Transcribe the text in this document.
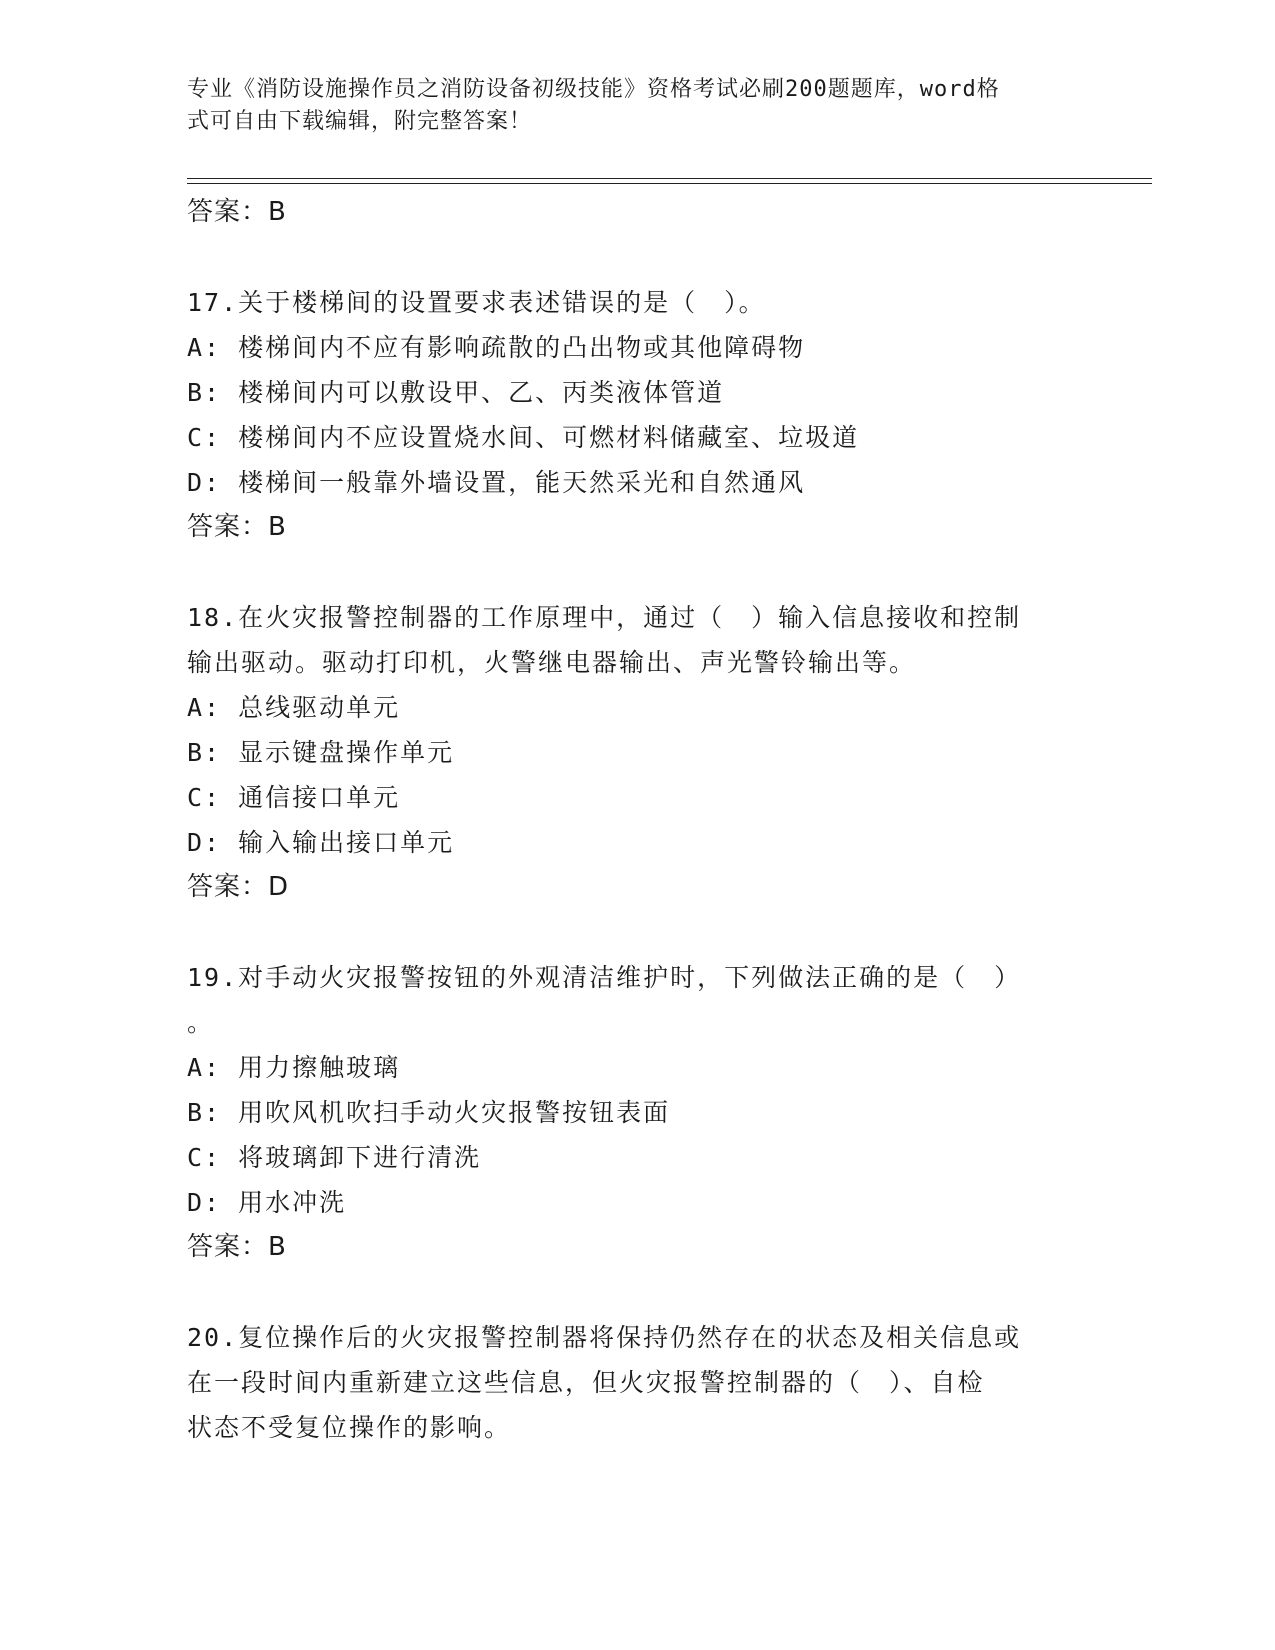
专业《消防设施操作员之消防设备初级技能》资格考试必刷200题题库，word格
式可自由下载编辑，附完整答案！
答案：B
17.关于楼梯间的设置要求表述错误的是（　）。
A: 楼梯间内不应有影响疏散的凸出物或其他障碍物
B: 楼梯间内可以敷设甲、乙、丙类液体管道
C: 楼梯间内不应设置烧水间、可燃材料储藏室、垃圾道
D: 楼梯间一般靠外墙设置，能天然采光和自然通风
答案：B
18.在火灾报警控制器的工作原理中，通过（　）输入信息接收和控制
输出驱动。驱动打印机，火警继电器输出、声光警铃输出等。
A: 总线驱动单元
B: 显示键盘操作单元
C: 通信接口单元
D: 输入输出接口单元
答案：D
19.对手动火灾报警按钮的外观清洁维护时，下列做法正确的是（　）
。
A: 用力擦触玻璃
B: 用吹风机吹扫手动火灾报警按钮表面
C: 将玻璃卸下进行清洗
D: 用水冲洗
答案：B
20.复位操作后的火灾报警控制器将保持仍然存在的状态及相关信息或
在一段时间内重新建立这些信息，但火灾报警控制器的（　）、自检
状态不受复位操作的影响。
